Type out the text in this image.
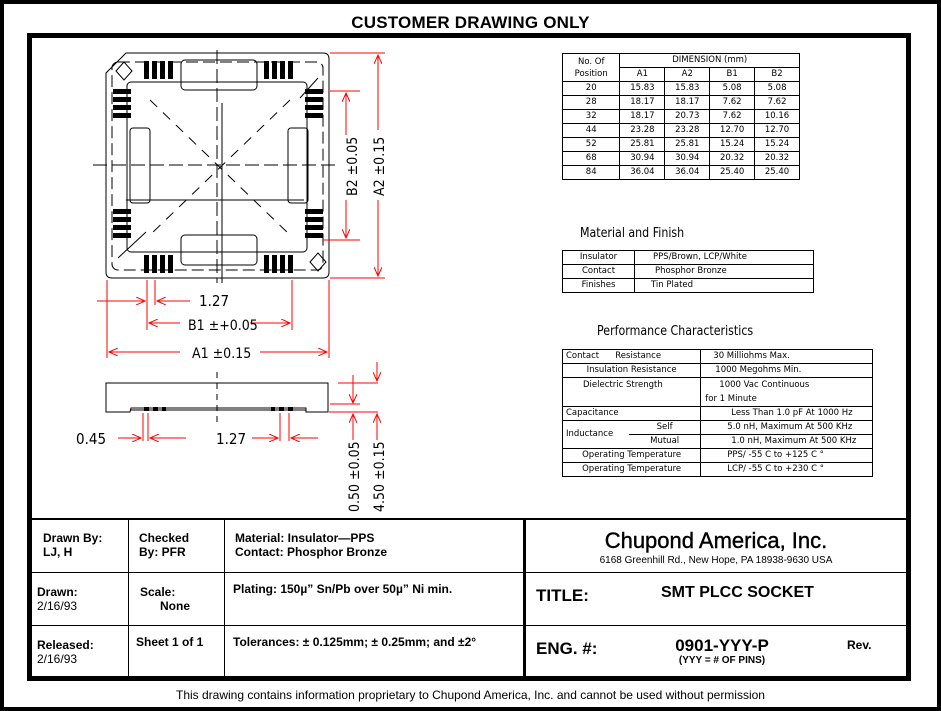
CUSTOMER DRAWING ONLY
1.27
B1 ±+0.05
A1 ±0.15
B2 ±0.05 A2 ±0.15
0.45	1.27
0.50 ±0.05 4.50 ±0.15
No. Of
Position	DIMENSION (mm)			
	A1	A2	B1	B2
20	15.83	15.83	5.08	5.08
28	18.17	18.17	7.62	7.62
32	18.17	20.73	7.62	10.16
44	23.28	23.28	12.70	12.70
52	25.81	25.81	15.24	15.24
68	30.94	30.94	20.32	20.32
84	36.04	36.04	25.40	25.40
Material and Finish
Insulator	PPS/Brown, LCP/White
Contact	Phosphor Bronze
Finishes	Tin Plated
Performance Characteristics
Contact      Resistance		30 Milliohms Max.
Insulation Resistance		1000 Megohms Min.
Dielectric Strength		1000 Vac Continuous
for 1 Minute

Capacitance		Less Than 1.0 pF At 1000 Hz
Inductance	Self	5.0 nH, Maximum At 500 KHz
	Mutual	1.0 nH, Maximum At 500 KHz
Operating Temperature		PPS/ -55 C to +125 C °
Operating Temperature		LCP/ -55 C to +230 C °
Drawn By:
LJ, H
Checked
By: PFR
Material: Insulator—PPS
Contact: Phosphor Bronze
Drawn:
2/16/93
Scale:
None
Plating: 150µ” Sn/Pb over 50µ” Ni min.
Released:
2/16/93
Sheet 1 of 1 Tolerances: ± 0.125mm; ± 0.25mm; and ±2°
Chupond America, Inc.
6168 Greenhill Rd., New Hope, PA 18938-9630 USA
TITLE:	SMT PLCC SOCKET
ENG. #:	0901-YYY-P
(YYY = # OF PINS)
Rev.
This drawing contains information proprietary to Chupond America, Inc. and cannot be used without permission
